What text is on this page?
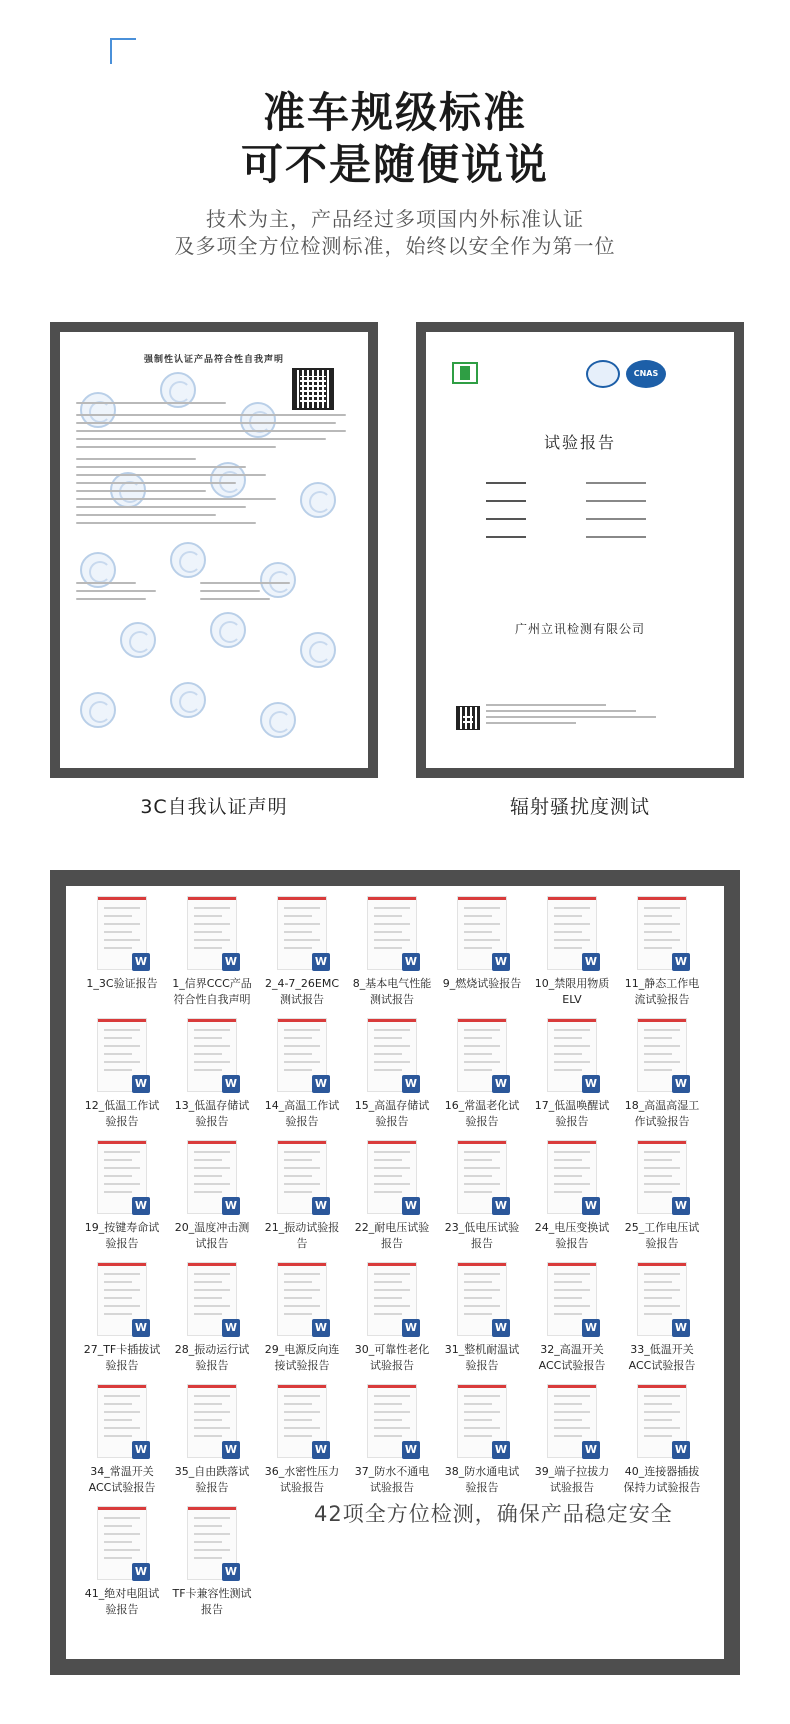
准车规级标准
可不是随便说说
技术为主，产品经过多项国内外标准认证
及多项全方位检测标准，始终以安全作为第一位
强制性认证产品符合性自我声明
3C自我认证声明
CNAS
试验报告
广州立讯检测有限公司
辐射骚扰度测试
42项全方位检测，确保产品稳定安全
W
1_3C验证报告
W
1_信界CCC产品
符合性自我声明
W
2_4-7_26EMC
测试报告
W
8_基本电气性能
测试报告
W
9_燃烧试验报告
W
10_禁限用物质
ELV
W
11_静态工作电
流试验报告
W
12_低温工作试
验报告
W
13_低温存储试
验报告
W
14_高温工作试
验报告
W
15_高温存储试
验报告
W
16_常温老化试
验报告
W
17_低温唤醒试
验报告
W
18_高温高湿工
作试验报告
W
19_按键寿命试
验报告
W
20_温度冲击测
试报告
W
21_振动试验报
告
W
22_耐电压试验
报告
W
23_低电压试验
报告
W
24_电压变换试
验报告
W
25_工作电压试
验报告
W
27_TF卡插拔试
验报告
W
28_振动运行试
验报告
W
29_电源反向连
接试验报告
W
30_可靠性老化
试验报告
W
31_整机耐温试
验报告
W
32_高温开关
ACC试验报告
W
33_低温开关
ACC试验报告
W
34_常温开关
ACC试验报告
W
35_自由跌落试
验报告
W
36_水密性压力
试验报告
W
37_防水不通电
试验报告
W
38_防水通电试
验报告
W
39_端子拉拔力
试验报告
W
40_连接器插拔
保持力试验报告
W
41_绝对电阻试
验报告
W
TF卡兼容性测试
报告
